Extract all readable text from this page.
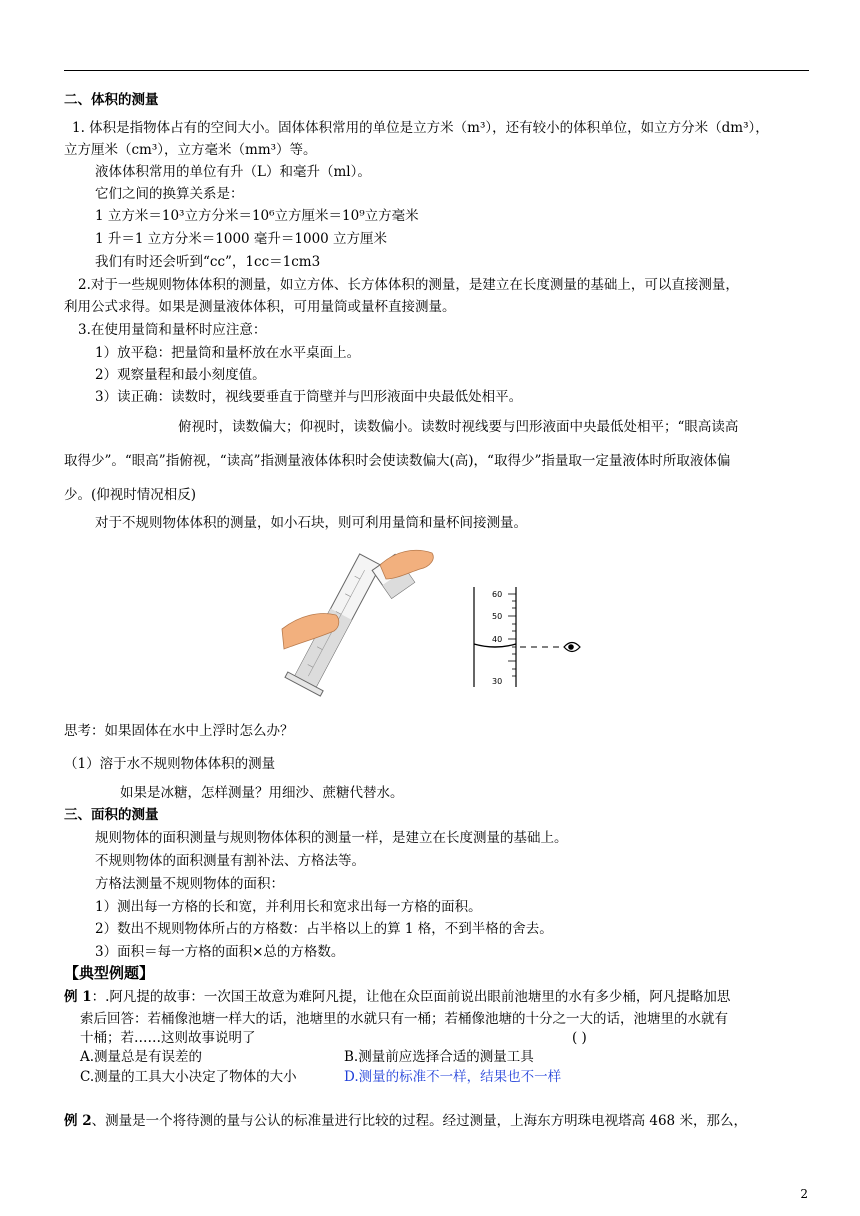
二、体积的测量
1. 体积是指物体占有的空间大小。固体体积常用的单位是立方米（m³），还有较小的体积单位，如立方分米（dm³），
立方厘米（cm³），立方毫米（mm³）等。
液体体积常用的单位有升（L）和毫升（ml）。
它们之间的换算关系是：
1 立方米＝10³立方分米＝10⁶立方厘米＝10⁹立方毫米
1 升＝1 立方分米＝1000 毫升＝1000 立方厘米
我们有时还会听到“cc”，1cc＝1cm3
2.对于一些规则物体体积的测量，如立方体、长方体体积的测量，是建立在长度测量的基础上，可以直接测量，
利用公式求得。如果是测量液体体积，可用量筒或量杯直接测量。
3.在使用量筒和量杯时应注意：
1）放平稳：把量筒和量杯放在水平桌面上。
2）观察量程和最小刻度值。
3）读正确：读数时，视线要垂直于筒壁并与凹形液面中央最低处相平。
俯视时，读数偏大；仰视时，读数偏小。读数时视线要与凹形液面中央最低处相平；“眼高读高
取得少”。“眼高”指俯视，“读高”指测量液体体积时会使读数偏大(高)，“取得少”指量取一定量液体时所取液体偏
少。(仰视时情况相反)
对于不规则物体体积的测量，如小石块，则可利用量筒和量杯间接测量。
60
50
40
30
思考：如果固体在水中上浮时怎么办？
（1）溶于水不规则物体体积的测量
如果是冰糖，怎样测量？用细沙、蔗糖代替水。
三、面积的测量
规则物体的面积测量与规则物体体积的测量一样，是建立在长度测量的基础上。
不规则物体的面积测量有割补法、方格法等。
方格法测量不规则物体的面积：
1）测出每一方格的长和宽，并利用长和宽求出每一方格的面积。
2）数出不规则物体所占的方格数：占半格以上的算 1 格，不到半格的舍去。
3）面积＝每一方格的面积×总的方格数。
【典型例题】
例 1：.阿凡提的故事：一次国王故意为难阿凡提，让他在众臣面前说出眼前池塘里的水有多少桶，阿凡提略加思
索后回答：若桶像池塘一样大的话，池塘里的水就只有一桶；若桶像池塘的十分之一大的话，池塘里的水就有
十桶；若……这则故事说明了	( )
A.测量总是有误差的	B.测量前应选择合适的测量工具
C.测量的工具大小决定了物体的大小	D.测量的标准不一样，结果也不一样
例 2、测量是一个将待测的量与公认的标准量进行比较的过程。经过测量，上海东方明珠电视塔高 468 米，那么，
2
